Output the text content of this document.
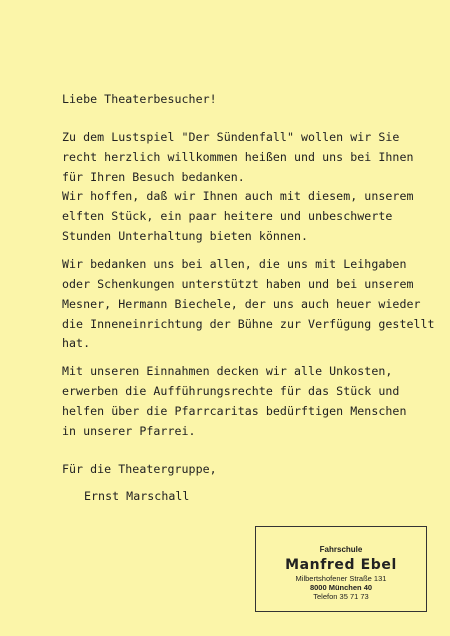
Liebe Theaterbesucher!
Zu dem Lustspiel "Der Sündenfall" wollen wir Sie
recht herzlich willkommen heißen und uns bei Ihnen
für Ihren Besuch bedanken.
Wir hoffen, daß wir Ihnen auch mit diesem, unserem
elften Stück, ein paar heitere und unbeschwerte
Stunden Unterhaltung bieten können.
Wir bedanken uns bei allen, die uns mit Leihgaben
oder Schenkungen unterstützt haben und bei unserem
Mesner, Hermann Biechele, der uns auch heuer wieder
die Inneneinrichtung der Bühne zur Verfügung gestellt
hat.
Mit unseren Einnahmen decken wir alle Unkosten,
erwerben die Aufführungsrechte für das Stück und
helfen über die Pfarrcaritas bedürftigen Menschen
in unserer Pfarrei.
Für die Theatergruppe,
Ernst Marschall
Fahrschule
Manfred Ebel
Milbertshofener Straße 131
8000 München 40
Telefon 35 71 73
